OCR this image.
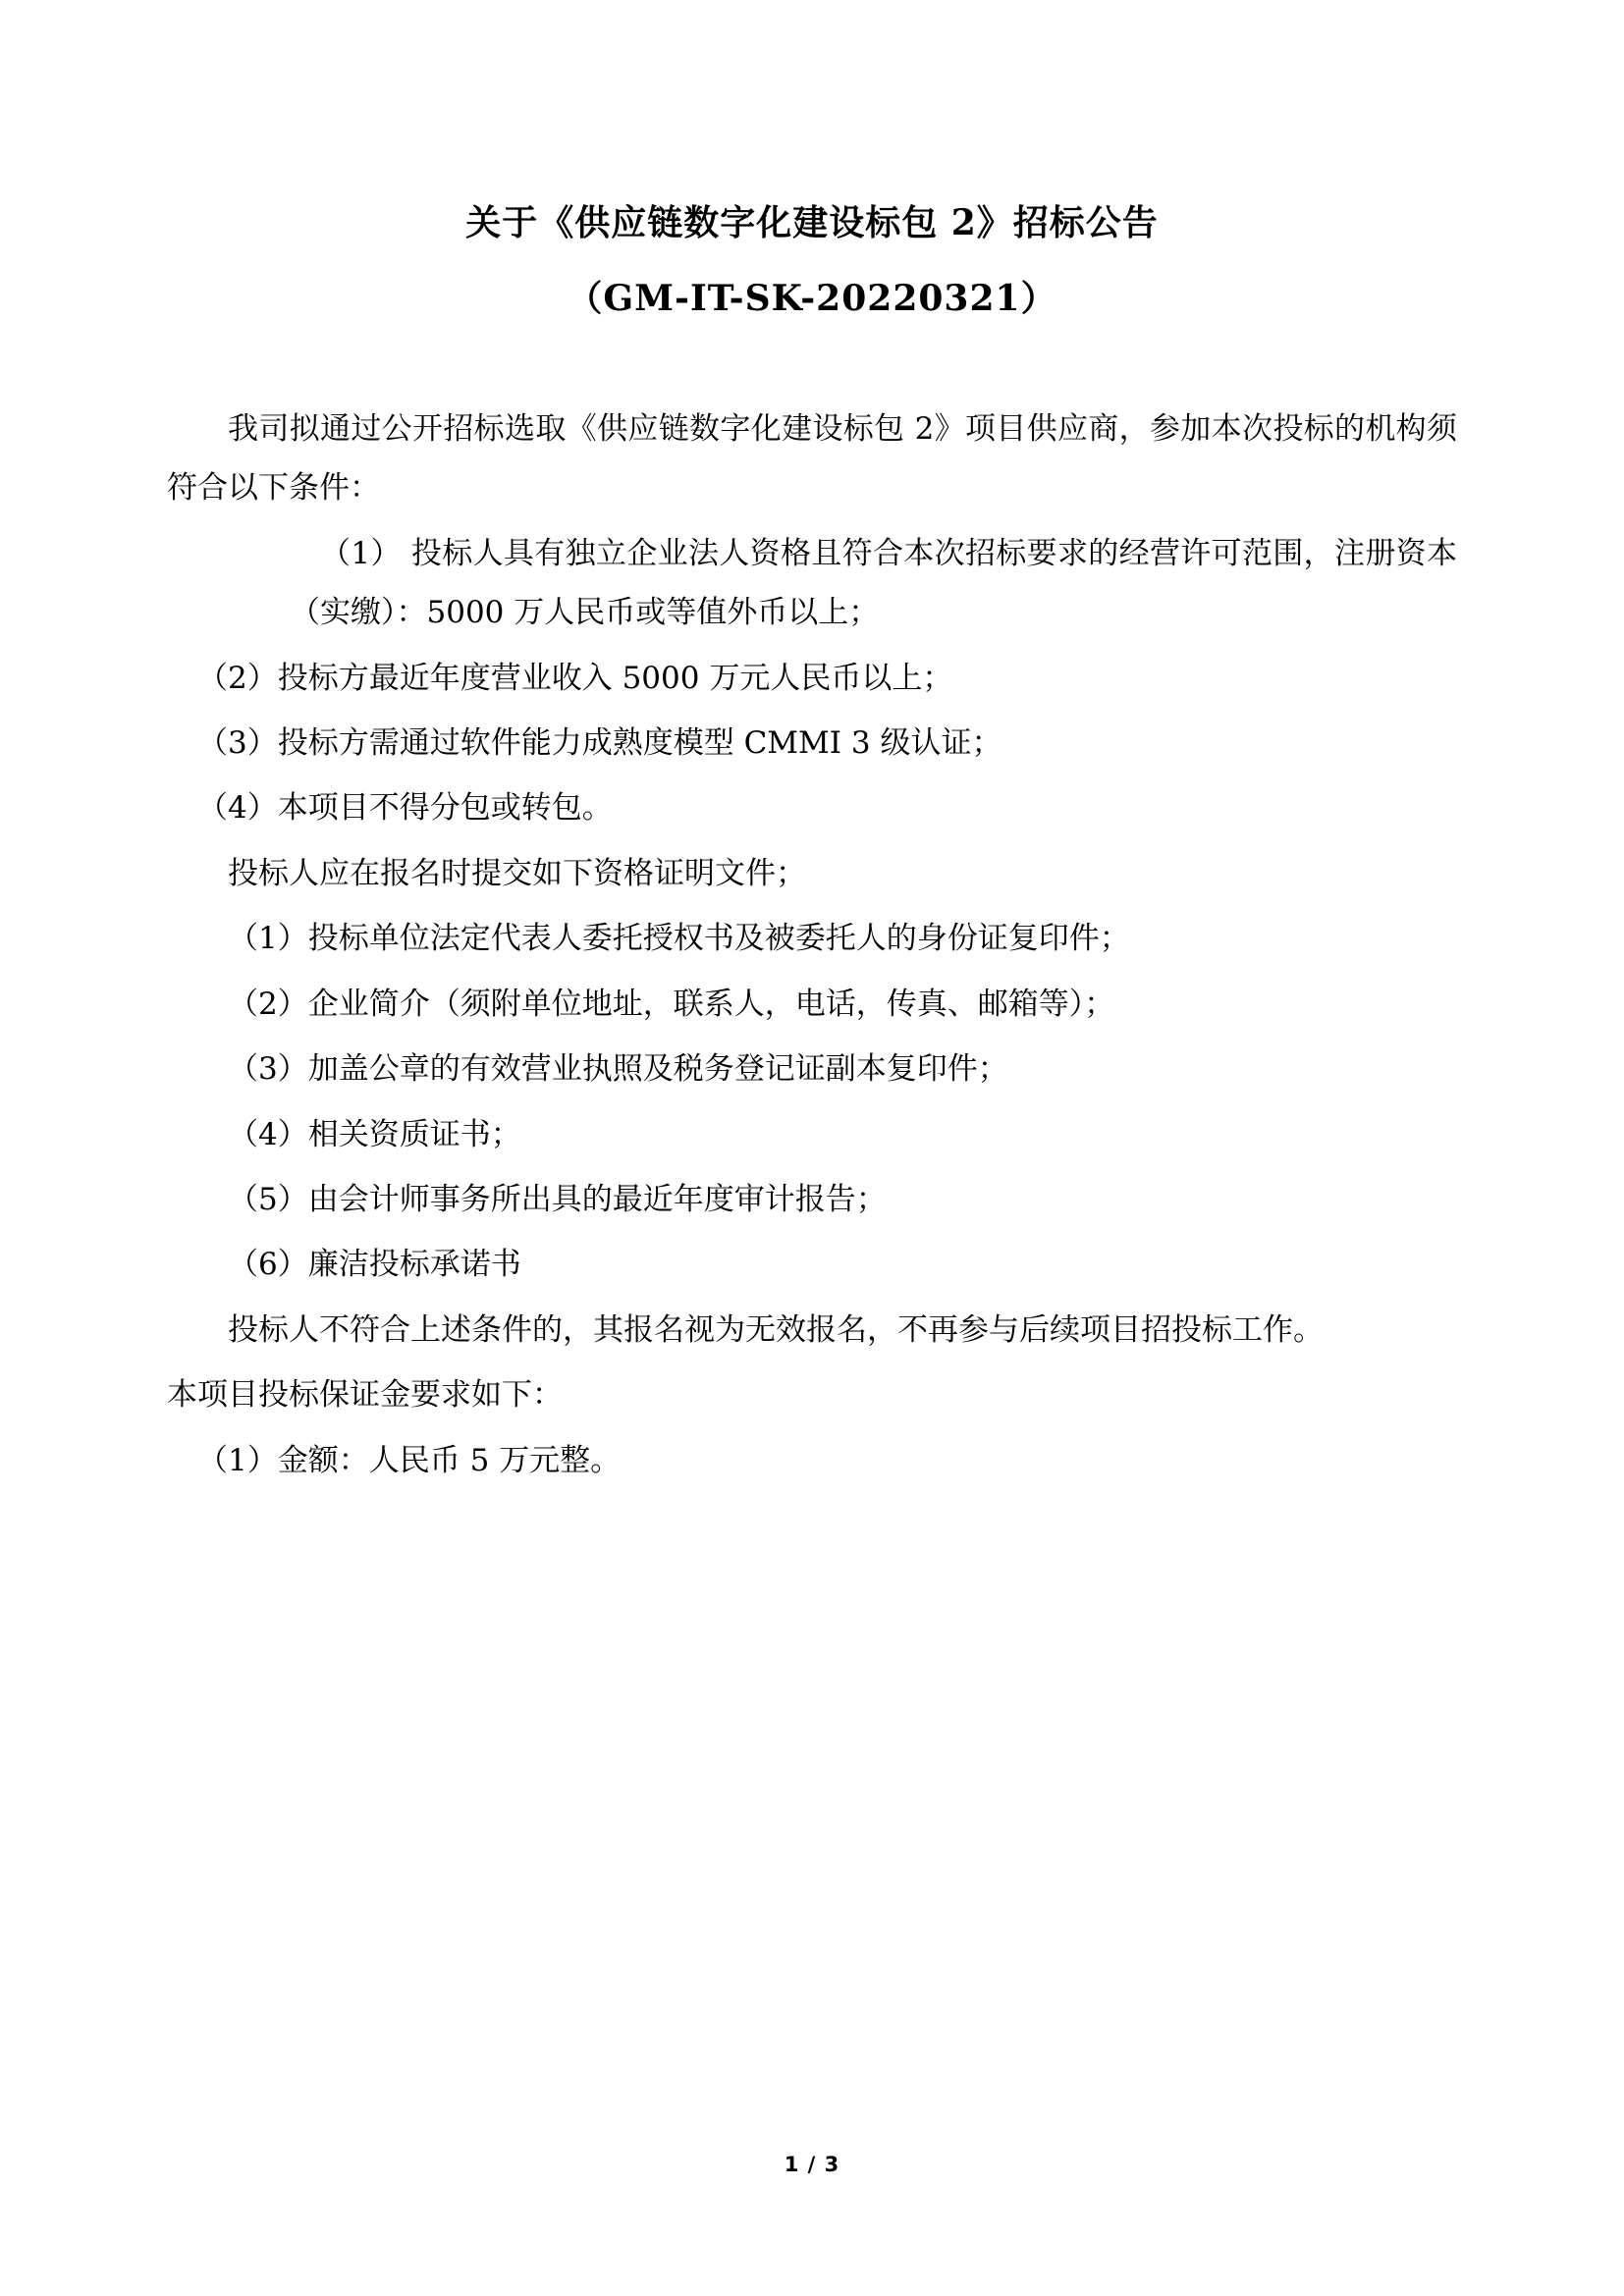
关于《供应链数字化建设标包 2》招标公告
（GM-IT-SK-20220321）

我司拟通过公开招标选取《供应链数字化建设标包 2》项目供应商，参加本次投标的机构须符合以下条件：

（1） 投标人具有独立企业法人资格且符合本次招标要求的经营许可范围，注册资本（实缴）：5000 万人民币或等值外币以上；

（2）投标方最近年度营业收入 5000 万元人民币以上；

（3）投标方需通过软件能力成熟度模型 CMMI 3 级认证；

（4）本项目不得分包或转包。

投标人应在报名时提交如下资格证明文件；

（1）投标单位法定代表人委托授权书及被委托人的身份证复印件；

（2）企业简介（须附单位地址，联系人，电话，传真、邮箱等）；

（3）加盖公章的有效营业执照及税务登记证副本复印件；

（4）相关资质证书；

（5）由会计师事务所出具的最近年度审计报告；

（6）廉洁投标承诺书

投标人不符合上述条件的，其报名视为无效报名，不再参与后续项目招投标工作。

本项目投标保证金要求如下：

（1）金额：人民币 5 万元整。

1 / 3
